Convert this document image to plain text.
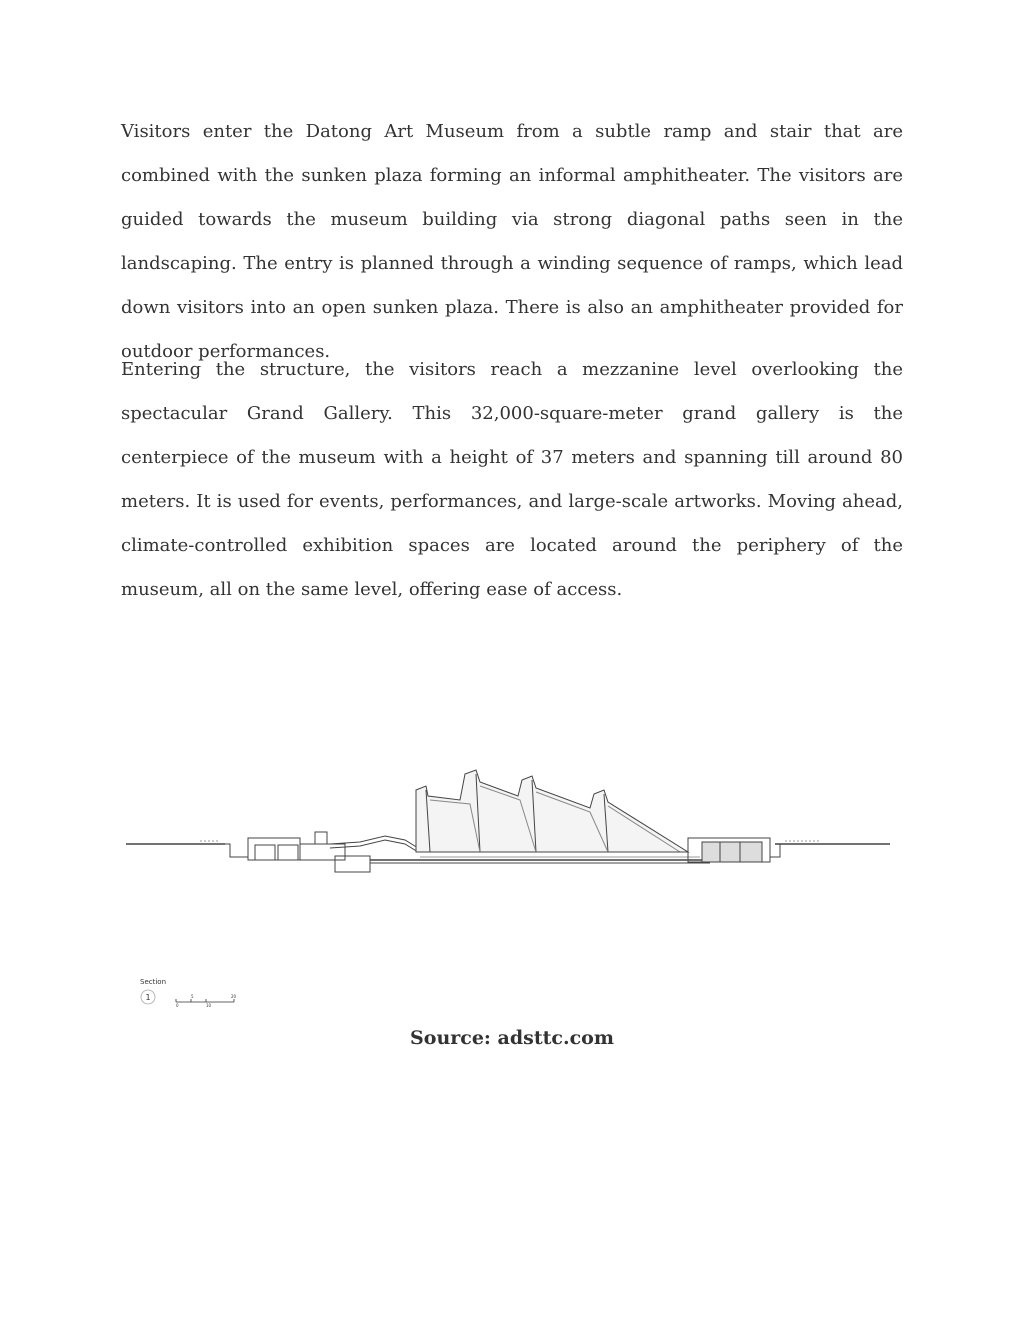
Visitors enter the Datong Art Museum from a subtle ramp and stair that are combined with the sunken plaza forming an informal amphitheater. The visitors are guided towards the museum building via strong diagonal paths seen in the landscaping. The entry is planned through a winding sequence of ramps, which lead down visitors into an open sunken plaza. There is also an amphitheater provided for outdoor performances.

Entering the structure, the visitors reach a mezzanine level overlooking the spectacular Grand Gallery. This 32,000-square-meter grand gallery is the centerpiece of the museum with a height of 37 meters and spanning till around 80 meters. It is used for events, performances, and large-scale artworks. Moving ahead, climate-controlled exhibition spaces are located around the periphery of the museum, all on the same level, offering ease of access.

Section
1
0
5
10
20
Source: adsttc.com
